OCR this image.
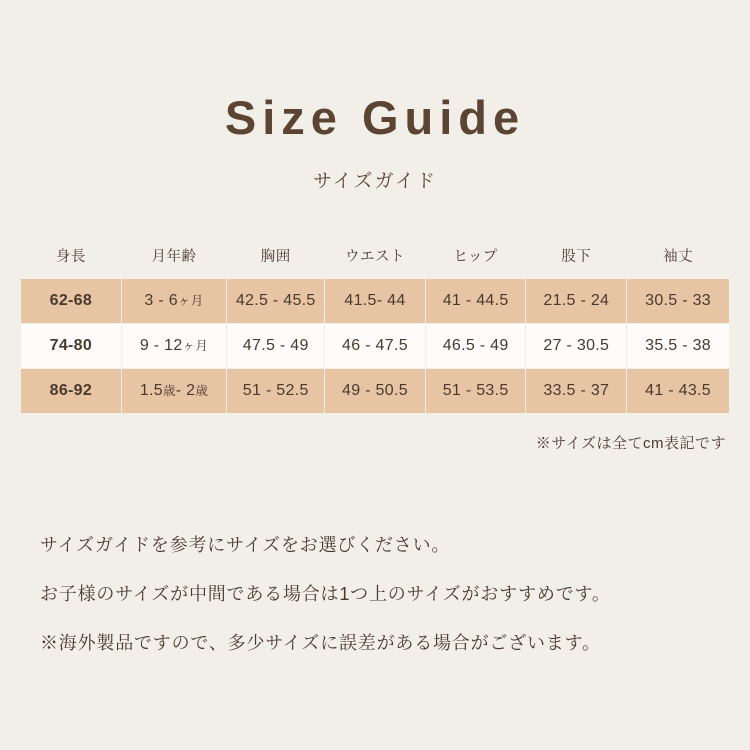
Size Guide
サイズガイド
身長	月年齢	胸囲	ウエスト	ヒップ	股下	袖丈
62-68	3 - 6ヶ月	42.5 - 45.5	41.5- 44	41 - 44.5	21.5 - 24	30.5 - 33
74-80	9 - 12ヶ月	47.5 - 49	46 - 47.5	46.5 - 49	27 - 30.5	35.5 - 38
86-92	1.5歳- 2歳	51 - 52.5	49 - 50.5	51 - 53.5	33.5 - 37	41 - 43.5
※サイズは全てcm表記です
サイズガイドを参考にサイズをお選びください。
お子様のサイズが中間である場合は1つ上のサイズがおすすめです。
※海外製品ですので、多少サイズに誤差がある場合がございます。
